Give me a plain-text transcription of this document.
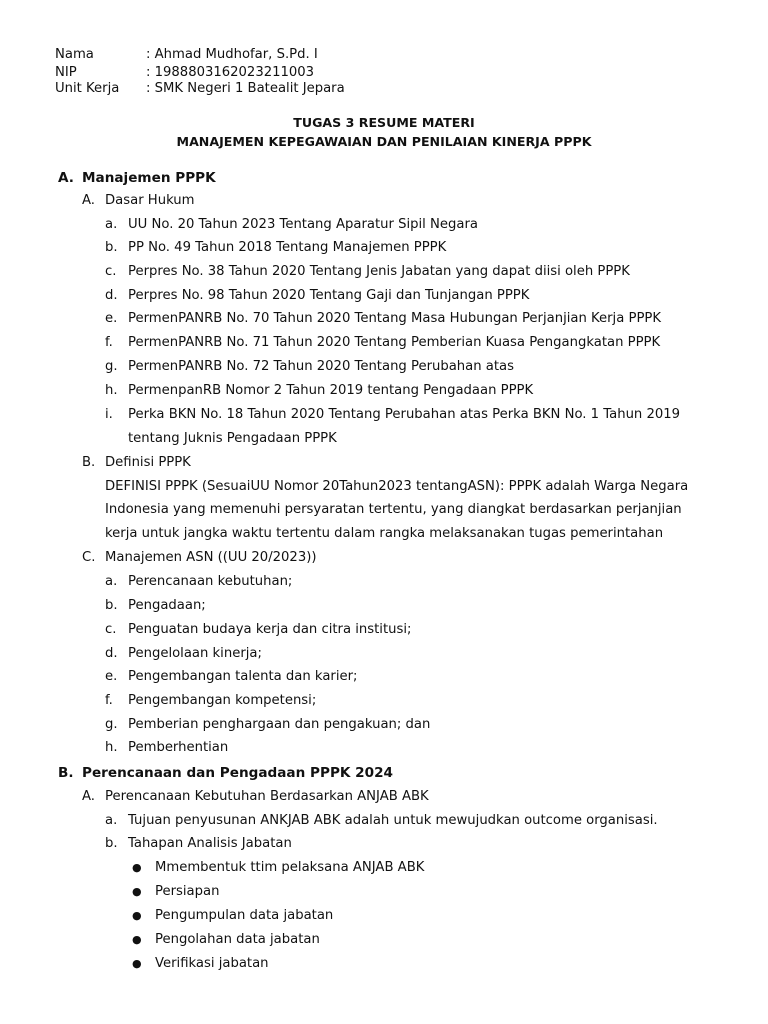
Nama	: Ahmad Mudhofar, S.Pd. I
NIP	: 198880316202321100​3
Unit Kerja : SMK Negeri 1 Batealit Jepara
TUGAS 3 RESUME MATERI
MANAJEMEN KEPEGAWAIAN DAN PENILAIAN KINERJA PPPK
A. Manajemen PPPK
A. Dasar Hukum
a. UU No. 20 Tahun 2023 Tentang Aparatur Sipil Negara
b. PP No. 49 Tahun 2018 Tentang Manajemen PPPK
c. Perpres No. 38 Tahun 2020 Tentang Jenis Jabatan yang dapat diisi oleh PPPK
d. Perpres No. 98 Tahun 2020 Tentang Gaji dan Tunjangan PPPK
e. PermenPANRB No. 70 Tahun 2020 Tentang Masa Hubungan Perjanjian Kerja PPPK
f. PermenPANRB No. 71 Tahun 2020 Tentang Pemberian Kuasa Pengangkatan PPPK
g. PermenPANRB No. 72 Tahun 2020 Tentang Perubahan atas
h. PermenpanRB Nomor 2 Tahun 2019 tentang Pengadaan PPPK
i. Perka BKN No. 18 Tahun 2020 Tentang Perubahan atas Perka BKN No. 1 Tahun 2019
tentang Juknis Pengadaan PPPK
B. Definisi PPPK
DEFINISI PPPK (SesuaiUU Nomor 20Tahun2023 tentangASN): PPPK adalah Warga Negara
Indonesia yang memenuhi persyaratan tertentu, yang diangkat berdasarkan perjanjian
kerja untuk jangka waktu tertentu dalam rangka melaksanakan tugas pemerintahan
C. Manajemen ASN ((UU 20/2023))
a. Perencanaan kebutuhan;
b. Pengadaan;
c. Penguatan budaya kerja dan citra institusi;
d. Pengelolaan kinerja;
e. Pengembangan talenta dan karier;
f. Pengembangan kompetensi;
g. Pemberian penghargaan dan pengakuan; dan
h. Pemberhentian
B. Perencanaan dan Pengadaan PPPK 2024
A. Perencanaan Kebutuhan Berdasarkan ANJAB ABK
a. Tujuan penyusunan ANKJAB ABK adalah untuk mewujudkan outcome organisasi.
b. Tahapan Analisis Jabatan
● Mmembentuk ttim pelaksana ANJAB ABK
● Persiapan
● Pengumpulan data jabatan
● Pengolahan data jabatan
● Verifikasi jabatan
